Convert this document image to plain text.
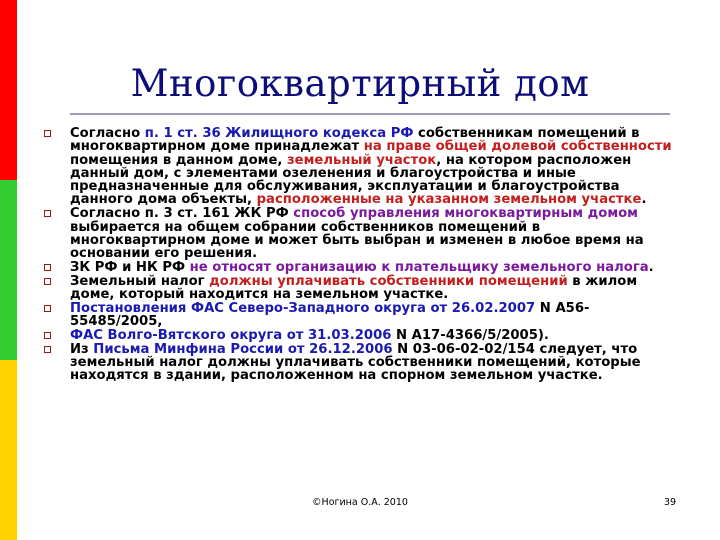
Многоквартирный дом
Согласно п. 1 ст. 36 Жилищного кодекса РФ собственникам помещений в многоквартирном доме принадлежат на праве общей долевой собственности помещения в данном доме, земельный участок, на котором расположен данный дом, с элементами озеленения и благоустройства и иные предназначенные для обслуживания, эксплуатации и благоустройства данного дома объекты, расположенные на указанном земельном участке.
Согласно п. 3 ст. 161 ЖК РФ способ управления многоквартирным домом выбирается на общем собрании собственников помещений в многоквартирном доме и может быть выбран и изменен в любое время на основании его решения.
ЗК РФ и НК РФ не относят организацию к плательщику земельного налога.
Земельный налог должны уплачивать собственники помещений в жилом доме, который находится на земельном участке.
Постановления ФАС Северо-Западного округа от 26.02.2007 N А56-55485/2005,
ФАС Волго-Вятского округа от 31.03.2006 N А17-4366/5/2005).
Из Письма Минфина России от 26.12.2006 N 03-06-02-02/154 следует, что земельный налог должны уплачивать собственники помещений, которые находятся в здании, расположенном на спорном земельном участке.
©Ногина О.А. 2010	39
